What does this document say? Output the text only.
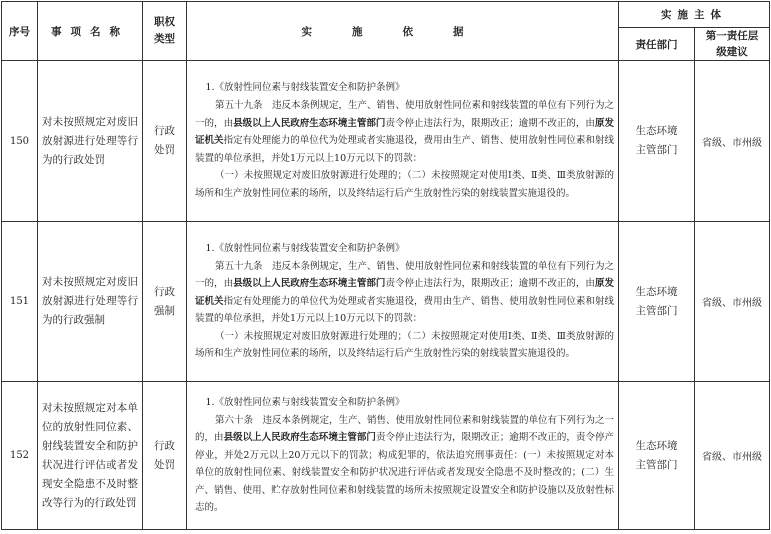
序号	事项名称	职权类型	实施依据	实施主体	
				责任部门	第一责任层级建议
150	对未按照规定对废旧放射源进行处理等行为的行政处罚	行政处罚	1.《放射性同位素与射线装置安全和防护条例》

第五十九条　违反本条例规定，生产、销售、使用放射性同位素和射线装置的单位有下列行为之一的，由县级以上人民政府生态环境主管部门责令停止违法行为，限期改正；逾期不改正的，由原发证机关指定有处理能力的单位代为处理或者实施退役，费用由生产、销售、使用放射性同位素和射线装置的单位承担，并处1万元以上10万元以下的罚款：

（一）未按照规定对废旧放射源进行处理的；（二）未按照规定对使用Ⅰ类、Ⅱ类、Ⅲ类放射源的场所和生产放射性同位素的场所，以及终结运行后产生放射性污染的射线装置实施退役的。	生态环境主管部门	省级、市州级
151	对未按照规定对废旧放射源进行处理等行为的行政强制	行政强制	1.《放射性同位素与射线装置安全和防护条例》

第五十九条　违反本条例规定，生产、销售、使用放射性同位素和射线装置的单位有下列行为之一的，由县级以上人民政府生态环境主管部门责令停止违法行为，限期改正；逾期不改正的，由原发证机关指定有处理能力的单位代为处理或者实施退役，费用由生产、销售、使用放射性同位素和射线装置的单位承担，并处1万元以上10万元以下的罚款：

（一）未按照规定对废旧放射源进行处理的；（二）未按照规定对使用Ⅰ类、Ⅱ类、Ⅲ类放射源的场所和生产放射性同位素的场所，以及终结运行后产生放射性污染的射线装置实施退役的。	生态环境主管部门	省级、市州级
152	对未按照规定对本单位的放射性同位素、射线装置安全和防护状况进行评估或者发现安全隐患不及时整改等行为的行政处罚	行政处罚	1.《放射性同位素与射线装置安全和防护条例》

第六十条　违反本条例规定，生产、销售、使用放射性同位素和射线装置的单位有下列行为之一的，由县级以上人民政府生态环境主管部门责令停止违法行为，限期改正；逾期不改正的，责令停产停业，并处2万元以上20万元以下的罚款；构成犯罪的，依法追究刑事责任：(一）未按照规定对本单位的放射性同位素、射线装置安全和防护状况进行评估或者发现安全隐患不及时整改的；(二）生产、销售、使用、贮存放射性同位素和射线装置的场所未按照规定设置安全和防护设施以及放射性标志的。	生态环境主管部门	省级、市州级
